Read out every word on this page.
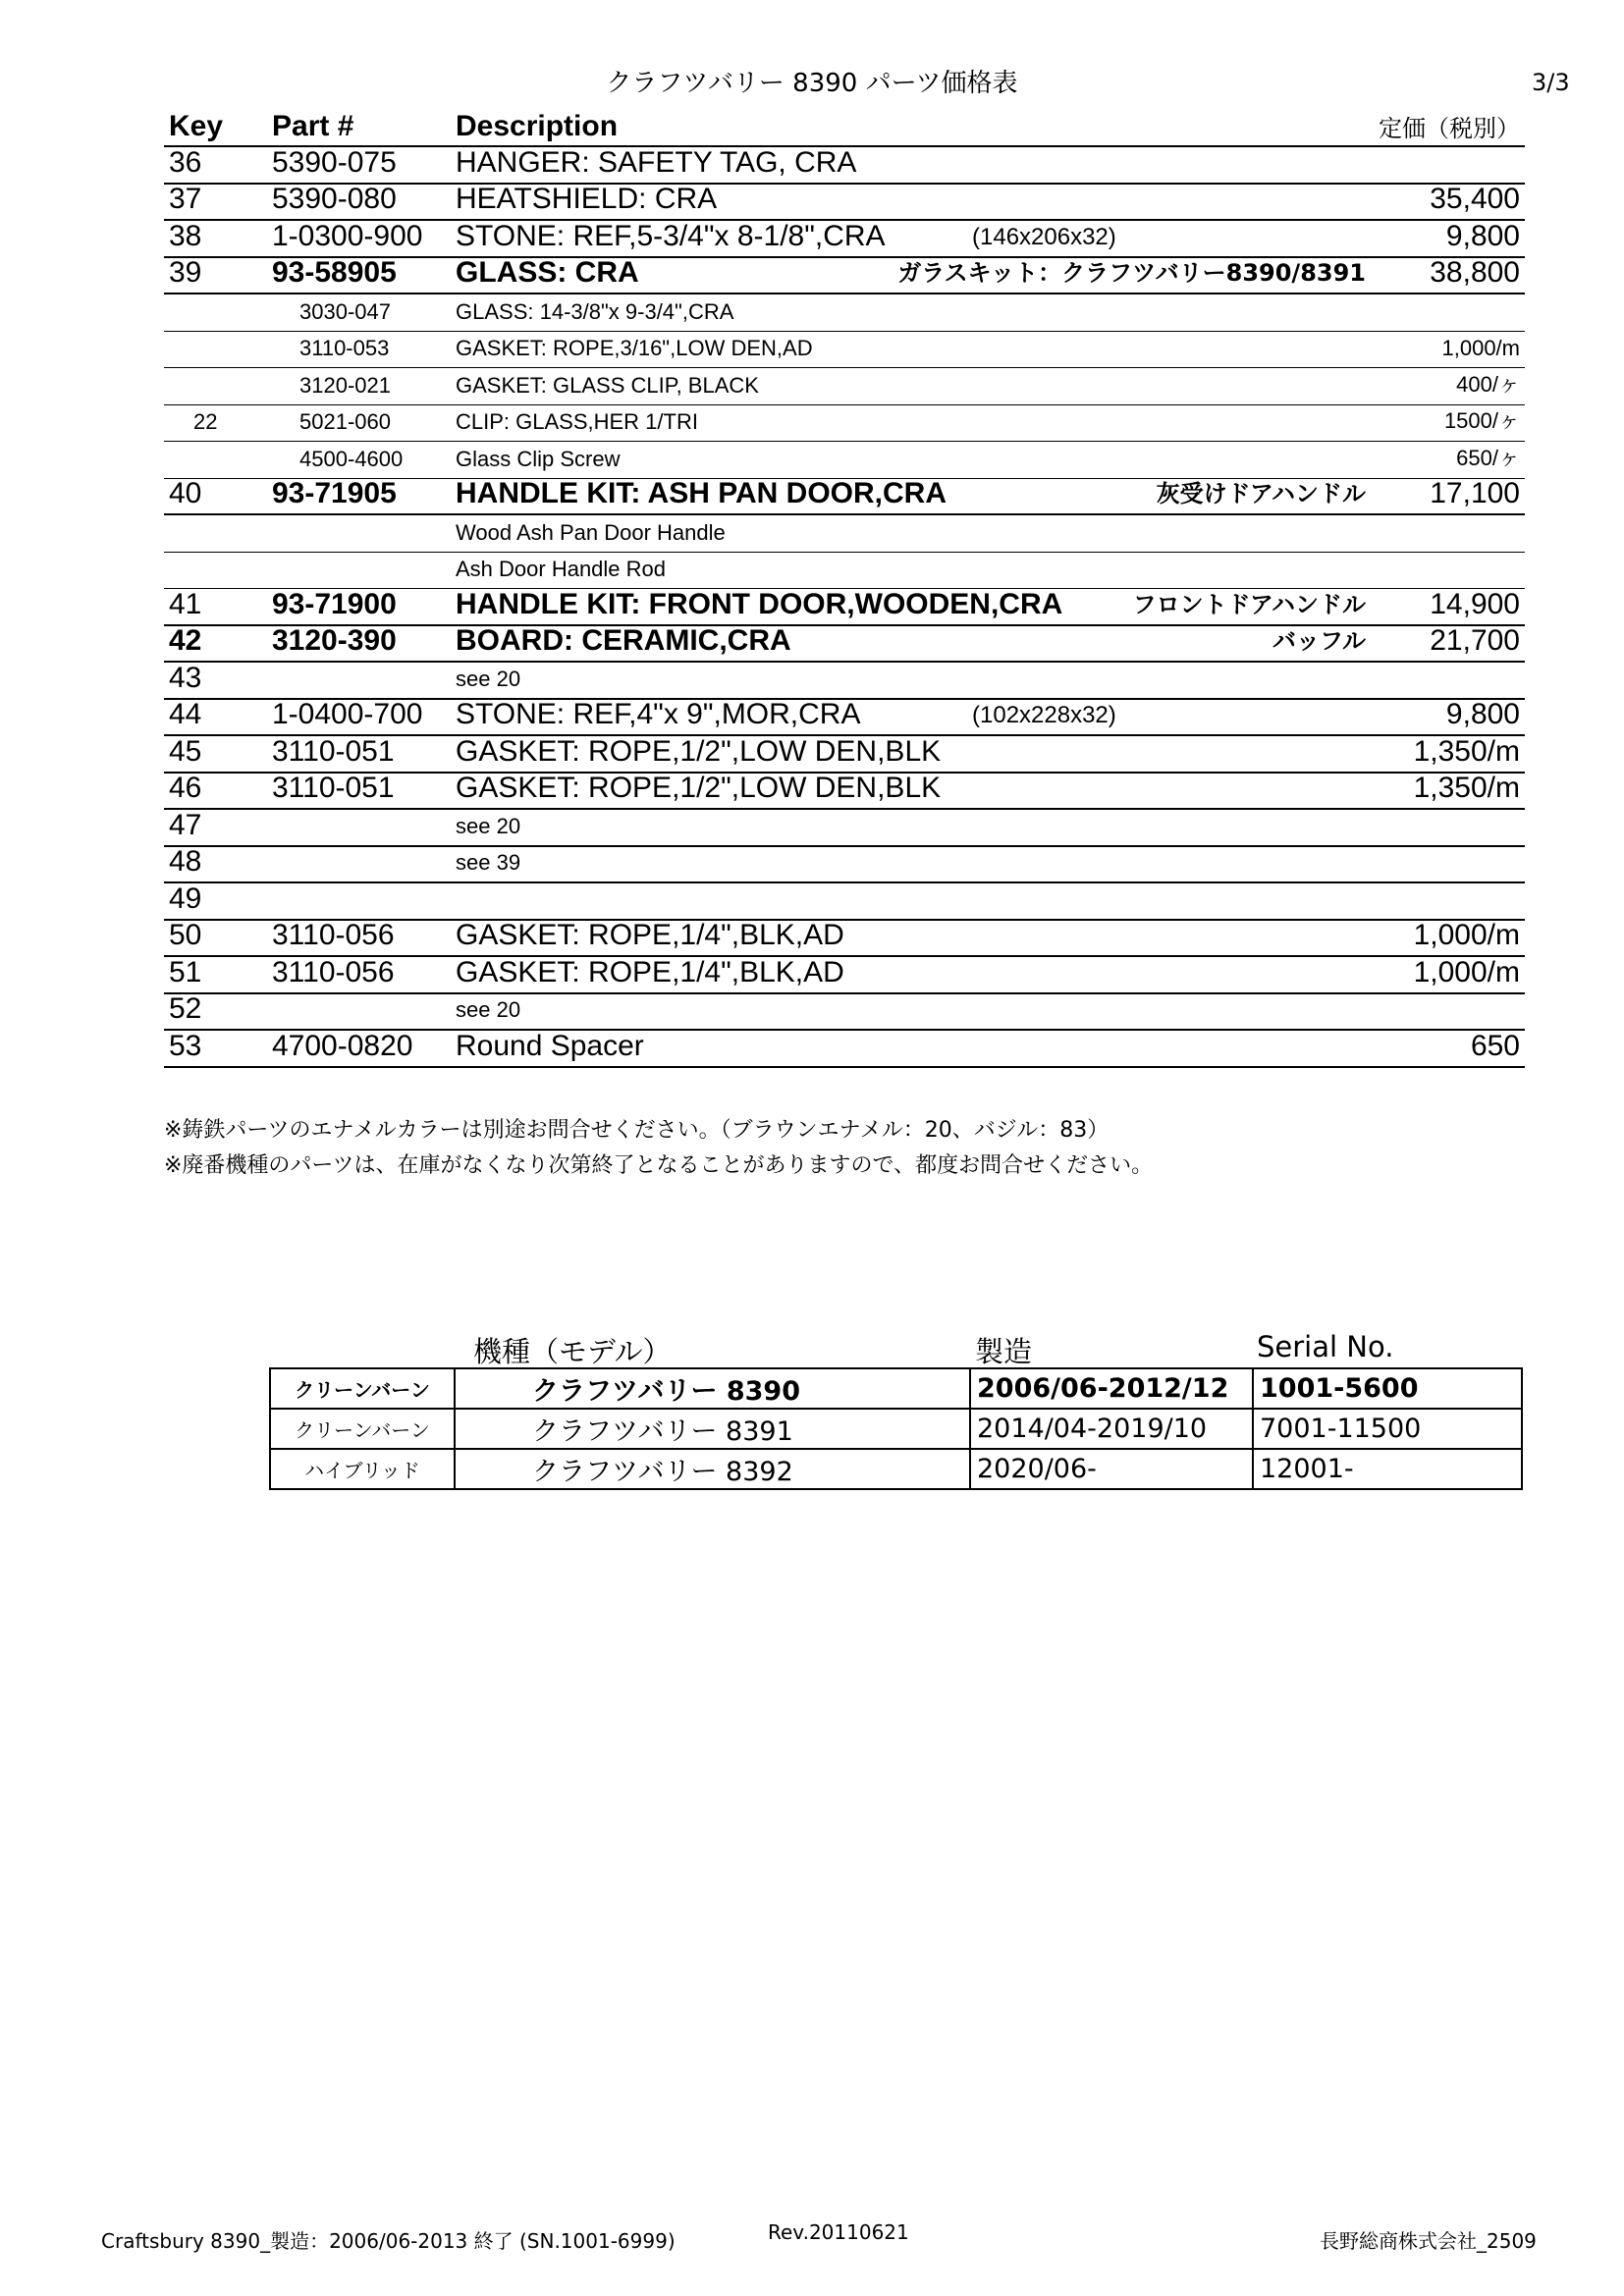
クラフツバリー 8390 パーツ価格表	3/3
Key Part #	Description	定価（税別）
36 5390-075 HANGER: SAFETY TAG, CRA
37 5390-080 HEATSHIELD: CRA	35,400
38 1-0300-900 STONE: REF,5-3/4"x 8-1/8",CRA	(146x206x32)	9,800
39 93-58905 GLASS: CRA	ガラスキット：クラフツバリー8390/8391 38,800
3030-047	GLASS: 14-3/8"x 9-3/4",CRA
3110-053	GASKET: ROPE,3/16",LOW DEN,AD	1,000/m
3120-021	GASKET: GLASS CLIP, BLACK	400/ヶ
22	5021-060	CLIP: GLASS,HER 1/TRI	1500/ヶ
4500-4600 Glass Clip Screw	650/ヶ
40 93-71905 HANDLE KIT: ASH PAN DOOR,CRA	灰受けドアハンドル 17,100
Wood Ash Pan Door Handle
Ash Door Handle Rod
41 93-71900 HANDLE KIT: FRONT DOOR,WOODEN,CRA	フロントドアハンドル 14,900
42 3120-390 BOARD: CERAMIC,CRA	バッフル 21,700
43	see 20
44 1-0400-700 STONE: REF,4"x 9",MOR,CRA	(102x228x32)	9,800
45 3110-051 GASKET: ROPE,1/2",LOW DEN,BLK	1,350/m
46 3110-051 GASKET: ROPE,1/2",LOW DEN,BLK	1,350/m
47	see 20
48	see 39
49
50 3110-056 GASKET: ROPE,1/4",BLK,AD	1,000/m
51 3110-056 GASKET: ROPE,1/4",BLK,AD	1,000/m
52	see 20
53 4700-0820 Round Spacer	650
※鋳鉄パーツのエナメルカラーは別途お問合せください。（ブラウンエナメル：20、バジル：83）
※廃番機種のパーツは、在庫がなくなり次第終了となることがありますので、都度お問合せください。
機種（モデル）	製造	Serial No.
クリーンバーン	クラフツバリー 8390	2006/06-2012/12	1001-5600
クリーンバーン	クラフツバリー 8391	2014/04-2019/10	7001-11500
ハイブリッド	クラフツバリー 8392	2020/06-	12001-
Craftsbury 8390_製造：2006/06-2013 終了 (SN.1001-6999)	Rev.20110621	長野総商株式会社_2509
